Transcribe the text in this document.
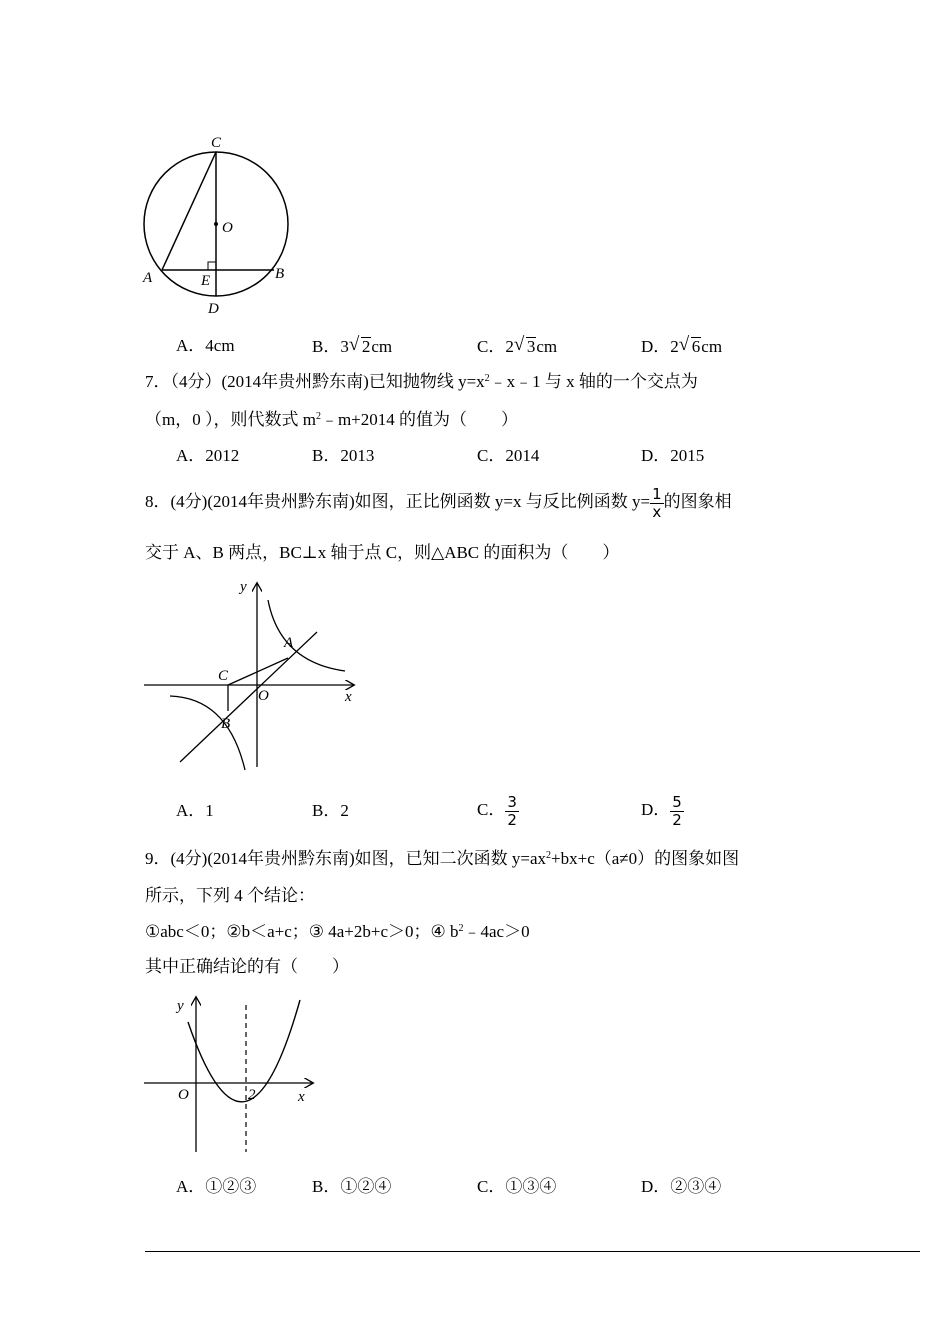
C
O
A	E	B
D
A．4cm	B．3 √ 2cm	C．2 √ 3cm	D．2 √ 6cm
7．（4分）(2014年贵州黔东南)已知抛物线 $y=x^2﹣x﹣1$ 与 x 轴的一个交点为
（m，0 ），则代数式 $m^2﹣m+2014$ 的值为（　　）
A．2012	B．2013	C．2014	D．2015
8．(4分)(2014年贵州黔东南)如图，正比例函数 y=x 与反比例函数 $y= \frac{1}{x}$ 的图象相
交于 A、B 两点，BC⊥x 轴于点 C，则△ABC 的面积为（　　）
y
x
O
A
B
C
A．1	B．2	C． $\frac{3}{2}$	D． $\frac{5}{2}$
9．(4分)(2014年贵州黔东南)如图，已知二次函数 $y=ax^2+bx+c(a\ne 0)$的图象如图
所示，下列 4 个结论：
①abc＜0；②b＜a+c；③ 4a+2b+c＞0；④ $b^2﹣4ac>0$
其中正确结论的有（　　）
y
x
O	2
A．①②③	B．①②④	C．①③④	D．②③④
